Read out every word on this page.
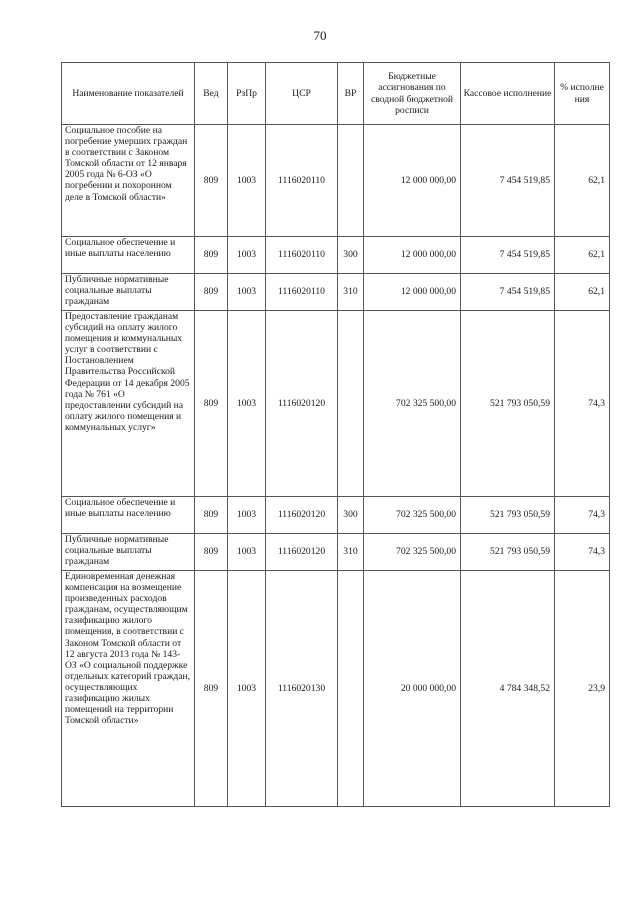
70
Наименование показателей	Вед	РзПр	ЦСР	ВР	Бюджетные ассигнования по сводной бюджетной росписи	Кассовое исполнение	% исполне ния
Социальное пособие на погребение умерших граждан в соответствии с Законом Томской области от 12 января 2005 года № 6-ОЗ «О погребении и похоронном деле в Томской области»	809	1003	1116020110		12 000 000,00	7 454 519,85	62,1
Социальное обеспечение и иные выплаты населению	809	1003	1116020110	300	12 000 000,00	7 454 519,85	62,1
Публичные нормативные социальные выплаты гражданам	809	1003	1116020110	310	12 000 000,00	7 454 519,85	62,1
Предоставление гражданам субсидий на оплату жилого помещения и коммунальных услуг в соответствии с Постановлением Правительства Российской Федерации от 14 декабря 2005 года № 761 «О предоставлении субсидий на оплату жилого помещения и коммунальных услуг»	809	1003	1116020120		702 325 500,00	521 793 050,59	74,3
Социальное обеспечение и иные выплаты населению	809	1003	1116020120	300	702 325 500,00	521 793 050,59	74,3
Публичные нормативные социальные выплаты гражданам	809	1003	1116020120	310	702 325 500,00	521 793 050,59	74,3
Единовременная денежная компенсация на возмещение произведенных расходов гражданам, осуществляющим газификацию жилого помещения, в соответствии с Законом Томской области от 12 августа 2013 года № 143-ОЗ «О социальной поддержке отдельных категорий граждан, осуществляющих газификацию жилых помещений на территории Томской области»	809	1003	1116020130		20 000 000,00	4 784 348,52	23,9
